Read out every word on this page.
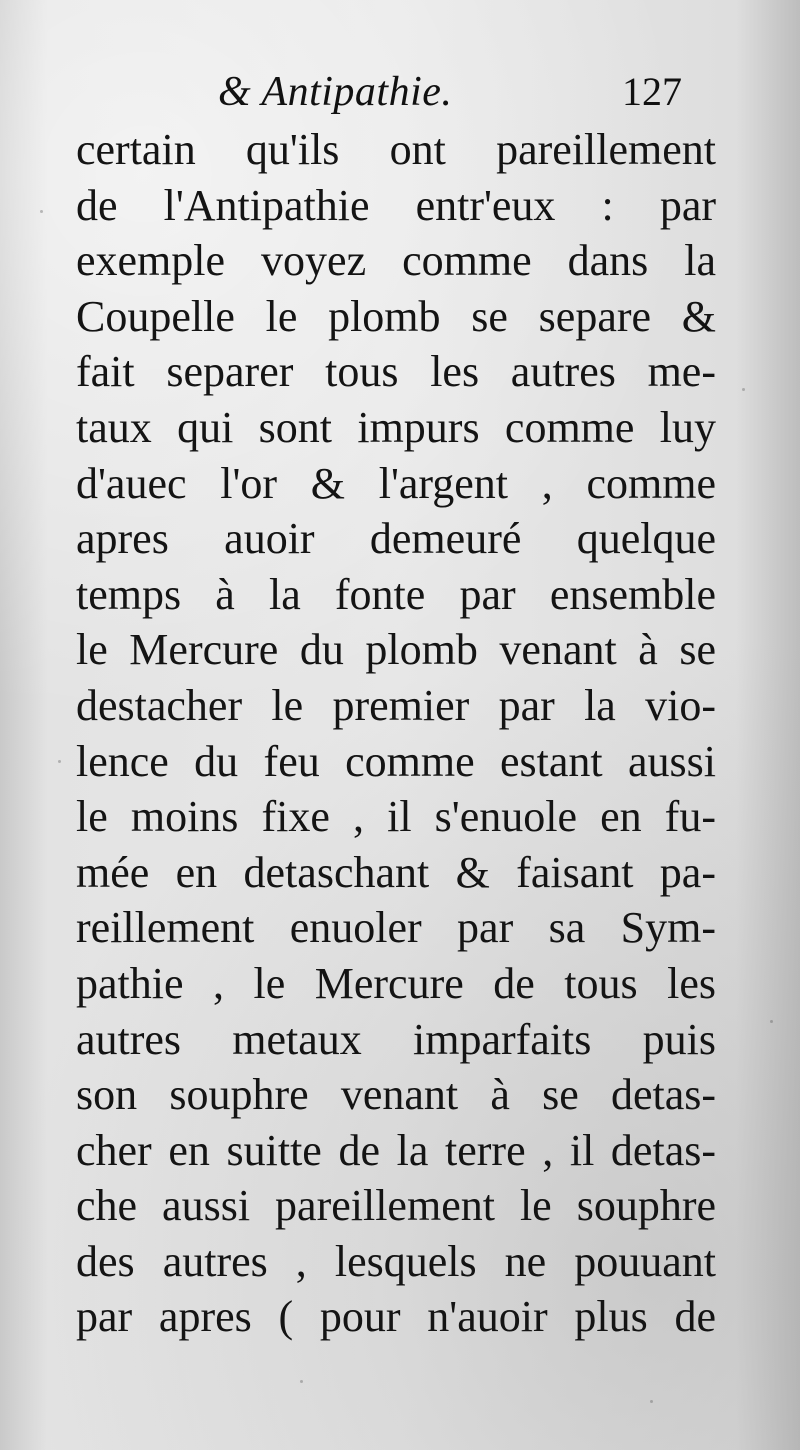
& Antipathie.	127
certain qu'ils ont pareillement
de l'Antipathie entr'eux : par
exemple voyez comme dans la
Coupelle le plomb se separe &
fait separer tous les autres me-
taux qui sont impurs comme luy
d'auec l'or & l'argent , comme
apres auoir demeuré quelque
temps à la fonte par ensemble
le Mercure du plomb venant à se
destacher le premier par la vio-
lence du feu comme estant aussi
le moins fixe , il s'enuole en fu-
mée en detaschant & faisant pa-
reillement enuoler par sa Sym-
pathie , le Mercure de tous les
autres metaux imparfaits puis
son souphre venant à se detas-
cher en suitte de la terre , il detas-
che aussi pareillement le souphre
des autres , lesquels ne pouuant
par apres ( pour n'auoir plus de
